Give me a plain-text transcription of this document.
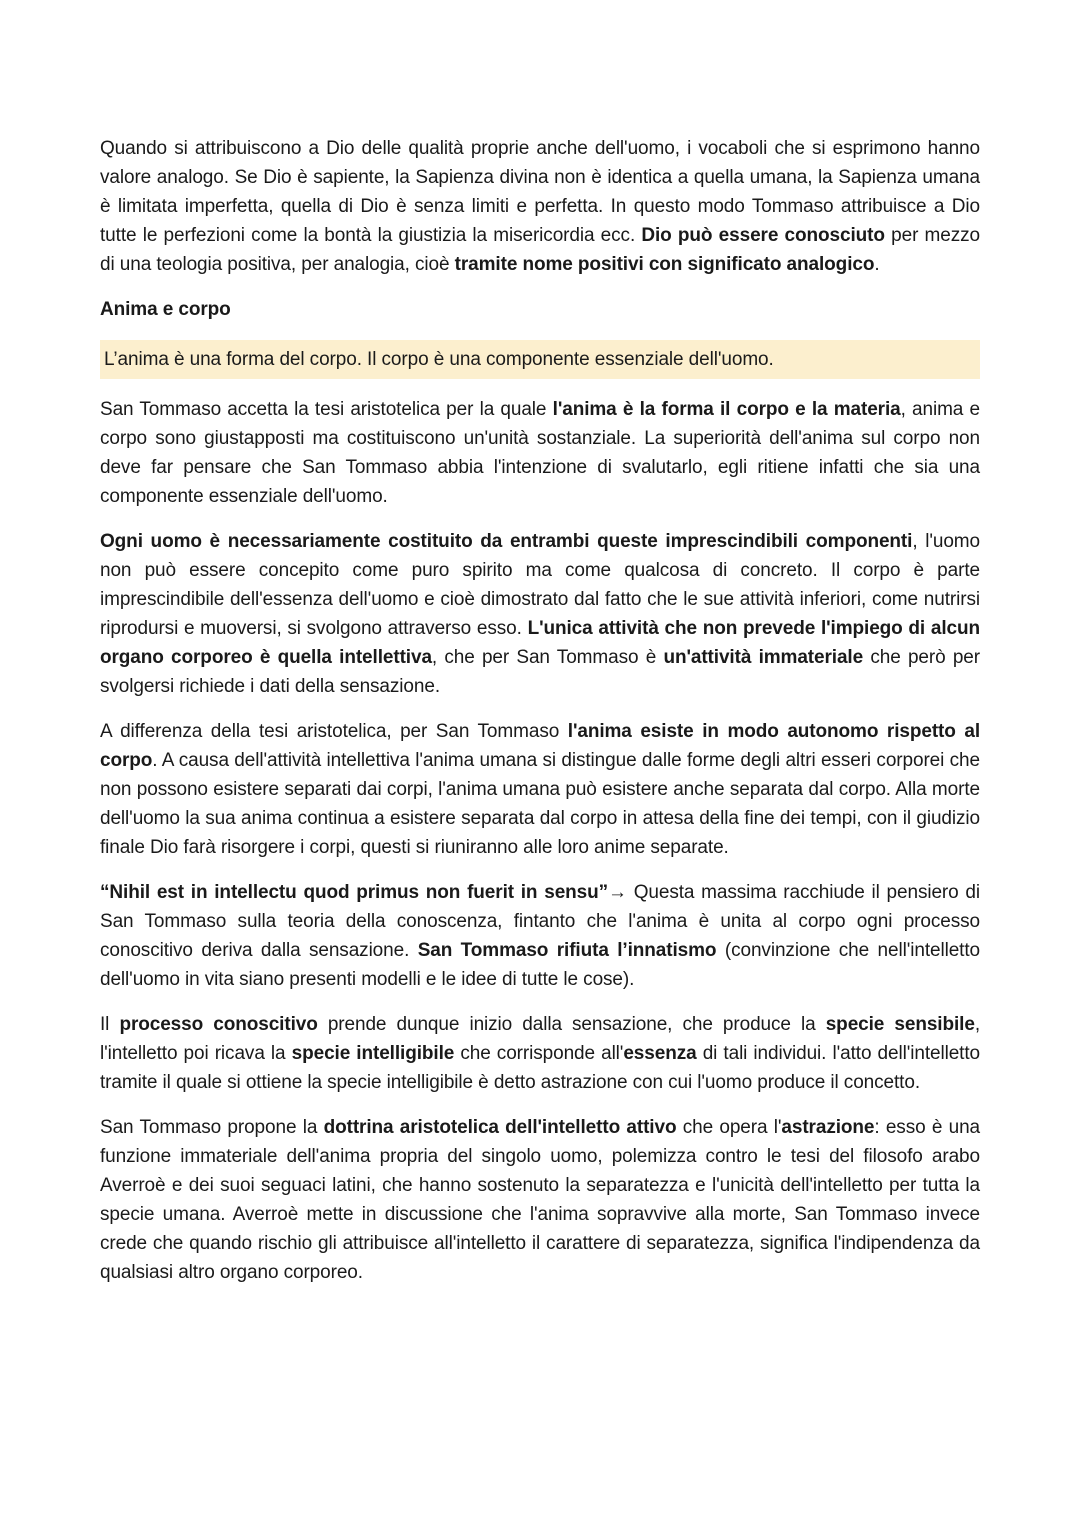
Quando si attribuiscono a Dio delle qualità proprie anche dell'uomo, i vocaboli che si esprimono hanno valore analogo. Se Dio è sapiente, la Sapienza divina non è identica a quella umana, la Sapienza umana è limitata imperfetta, quella di Dio è senza limiti e perfetta. In questo modo Tommaso attribuisce a Dio tutte le perfezioni come la bontà la giustizia la misericordia ecc. Dio può essere conosciuto per mezzo di una teologia positiva, per analogia, cioè tramite nome positivi con significato analogico.

Anima e corpo

L’anima è una forma del corpo. Il corpo è una componente essenziale dell'uomo.

San Tommaso accetta la tesi aristotelica per la quale l'anima è la forma il corpo e la materia, anima e corpo sono giustapposti ma costituiscono un'unità sostanziale. La superiorità dell'anima sul corpo non deve far pensare che San Tommaso abbia l'intenzione di svalutarlo, egli ritiene infatti che sia una componente essenziale dell'uomo.

Ogni uomo è necessariamente costituito da entrambi queste imprescindibili componenti, l'uomo non può essere concepito come puro spirito ma come qualcosa di concreto. Il corpo è parte imprescindibile dell'essenza dell'uomo e cioè dimostrato dal fatto che le sue attività inferiori, come nutrirsi riprodursi e muoversi, si svolgono attraverso esso. L'unica attività che non prevede l'impiego di alcun organo corporeo è quella intellettiva, che per San Tommaso è un'attività immateriale che però per svolgersi richiede i dati della sensazione.

A differenza della tesi aristotelica, per San Tommaso l'anima esiste in modo autonomo rispetto al corpo. A causa dell'attività intellettiva l'anima umana si distingue dalle forme degli altri esseri corporei che non possono esistere separati dai corpi, l'anima umana può esistere anche separata dal corpo. Alla morte dell'uomo la sua anima continua a esistere separata dal corpo in attesa della fine dei tempi, con il giudizio finale Dio farà risorgere i corpi, questi si riuniranno alle loro anime separate.

“Nihil est in intellectu quod primus non fuerit in sensu”→ Questa massima racchiude il pensiero di San Tommaso sulla teoria della conoscenza, fintanto che l'anima è unita al corpo ogni processo conoscitivo deriva dalla sensazione. San Tommaso rifiuta l’innatismo (convinzione che nell'intelletto dell'uomo in vita siano presenti modelli e le idee di tutte le cose).

Il processo conoscitivo prende dunque inizio dalla sensazione, che produce la specie sensibile, l'intelletto poi ricava la specie intelligibile che corrisponde all'essenza di tali individui. l'atto dell'intelletto tramite il quale si ottiene la specie intelligibile è detto astrazione con cui l'uomo produce il concetto.

San Tommaso propone la dottrina aristotelica dell'intelletto attivo che opera l'astrazione: esso è una funzione immateriale dell'anima propria del singolo uomo, polemizza contro le tesi del filosofo arabo Averroè e dei suoi seguaci latini, che hanno sostenuto la separatezza e l'unicità dell'intelletto per tutta la specie umana. Averroè mette in discussione che l'anima sopravvive alla morte, San Tommaso invece crede che quando rischio gli attribuisce all'intelletto il carattere di separatezza, significa l'indipendenza da qualsiasi altro organo corporeo.
